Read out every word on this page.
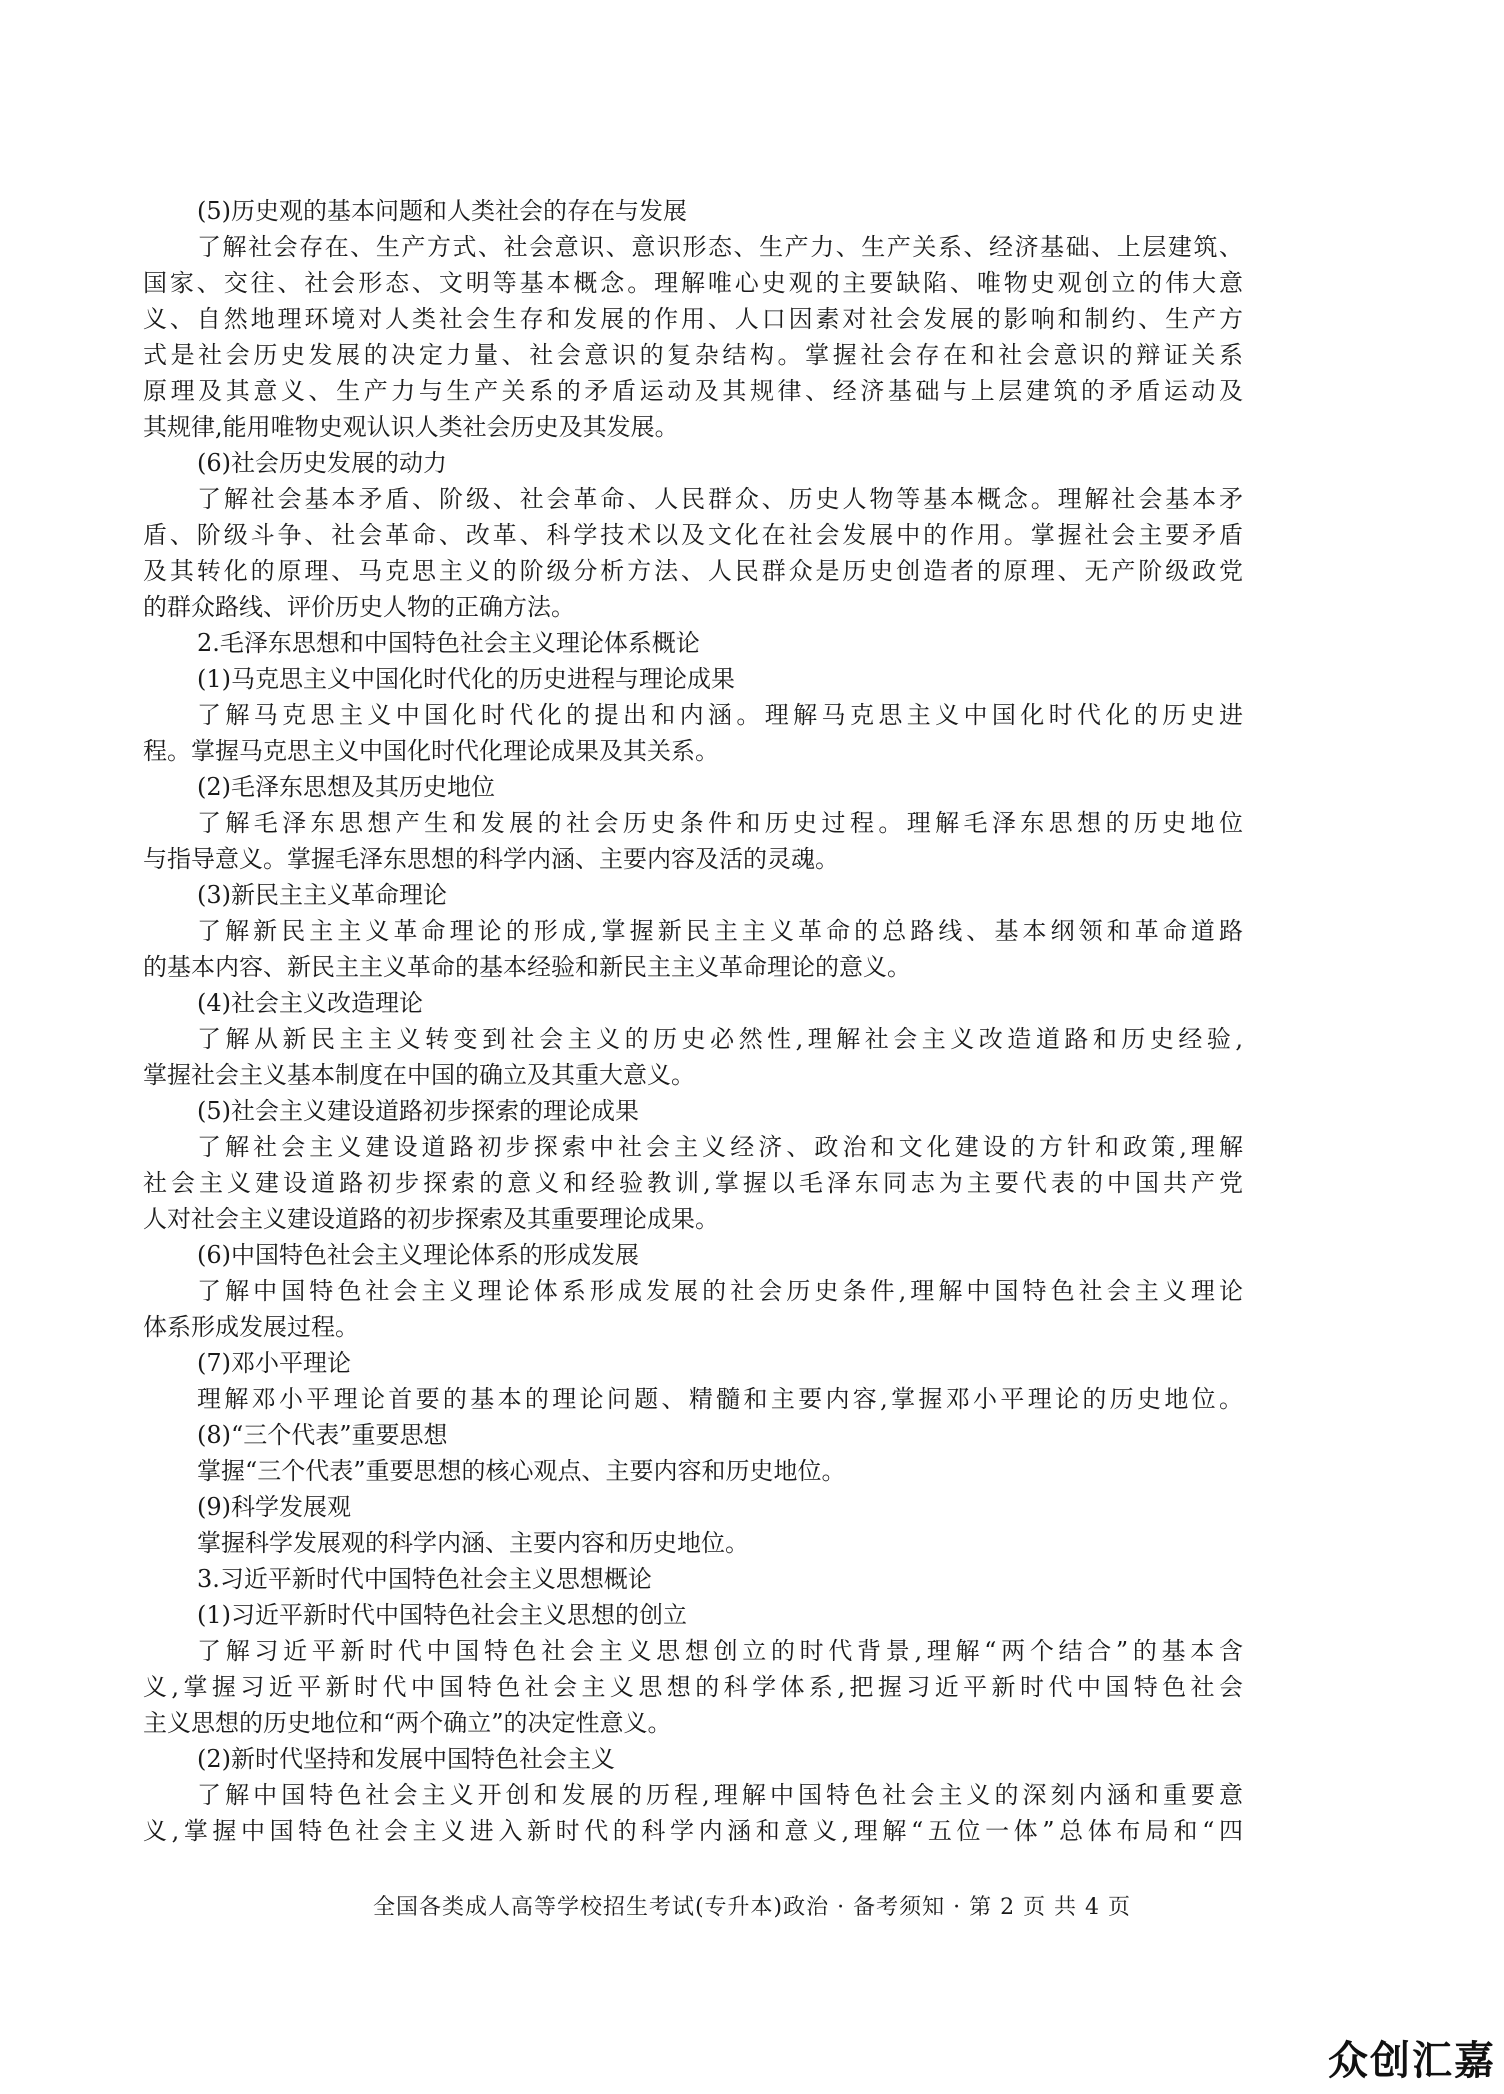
(5)历史观的基本问题和人类社会的存在与发展
了解社会存在、生产方式、社会意识、意识形态、生产力、生产关系、经济基础、上层建筑、
国家、交往、社会形态、文明等基本概念。理解唯心史观的主要缺陷、唯物史观创立的伟大意
义、自然地理环境对人类社会生存和发展的作用、人口因素对社会发展的影响和制约、生产方
式是社会历史发展的决定力量、社会意识的复杂结构。掌握社会存在和社会意识的辩证关系
原理及其意义、生产力与生产关系的矛盾运动及其规律、经济基础与上层建筑的矛盾运动及
其规律,能用唯物史观认识人类社会历史及其发展。
(6)社会历史发展的动力
了解社会基本矛盾、阶级、社会革命、人民群众、历史人物等基本概念。理解社会基本矛
盾、阶级斗争、社会革命、改革、科学技术以及文化在社会发展中的作用。掌握社会主要矛盾
及其转化的原理、马克思主义的阶级分析方法、人民群众是历史创造者的原理、无产阶级政党
的群众路线、评价历史人物的正确方法。
2.毛泽东思想和中国特色社会主义理论体系概论
(1)马克思主义中国化时代化的历史进程与理论成果
了解马克思主义中国化时代化的提出和内涵。理解马克思主义中国化时代化的历史进
程。掌握马克思主义中国化时代化理论成果及其关系。
(2)毛泽东思想及其历史地位
了解毛泽东思想产生和发展的社会历史条件和历史过程。理解毛泽东思想的历史地位
与指导意义。掌握毛泽东思想的科学内涵、主要内容及活的灵魂。
(3)新民主主义革命理论
了解新民主主义革命理论的形成,掌握新民主主义革命的总路线、基本纲领和革命道路
的基本内容、新民主主义革命的基本经验和新民主主义革命理论的意义。
(4)社会主义改造理论
了解从新民主主义转变到社会主义的历史必然性,理解社会主义改造道路和历史经验,
掌握社会主义基本制度在中国的确立及其重大意义。
(5)社会主义建设道路初步探索的理论成果
了解社会主义建设道路初步探索中社会主义经济、政治和文化建设的方针和政策,理解
社会主义建设道路初步探索的意义和经验教训,掌握以毛泽东同志为主要代表的中国共产党
人对社会主义建设道路的初步探索及其重要理论成果。
(6)中国特色社会主义理论体系的形成发展
了解中国特色社会主义理论体系形成发展的社会历史条件,理解中国特色社会主义理论
体系形成发展过程。
(7)邓小平理论
理解邓小平理论首要的基本的理论问题、精髓和主要内容,掌握邓小平理论的历史地位。
(8)“三个代表”重要思想
掌握“三个代表”重要思想的核心观点、主要内容和历史地位。
(9)科学发展观
掌握科学发展观的科学内涵、主要内容和历史地位。
3.习近平新时代中国特色社会主义思想概论
(1)习近平新时代中国特色社会主义思想的创立
了解习近平新时代中国特色社会主义思想创立的时代背景,理解“两个结合”的基本含
义,掌握习近平新时代中国特色社会主义思想的科学体系,把握习近平新时代中国特色社会
主义思想的历史地位和“两个确立”的决定性意义。
(2)新时代坚持和发展中国特色社会主义
了解中国特色社会主义开创和发展的历程,理解中国特色社会主义的深刻内涵和重要意
义,掌握中国特色社会主义进入新时代的科学内涵和意义,理解“五位一体”总体布局和“四
全国各类成人高等学校招生考试(专升本)政治 · 备考须知 · 第 2 页 共 4 页
众创汇嘉
